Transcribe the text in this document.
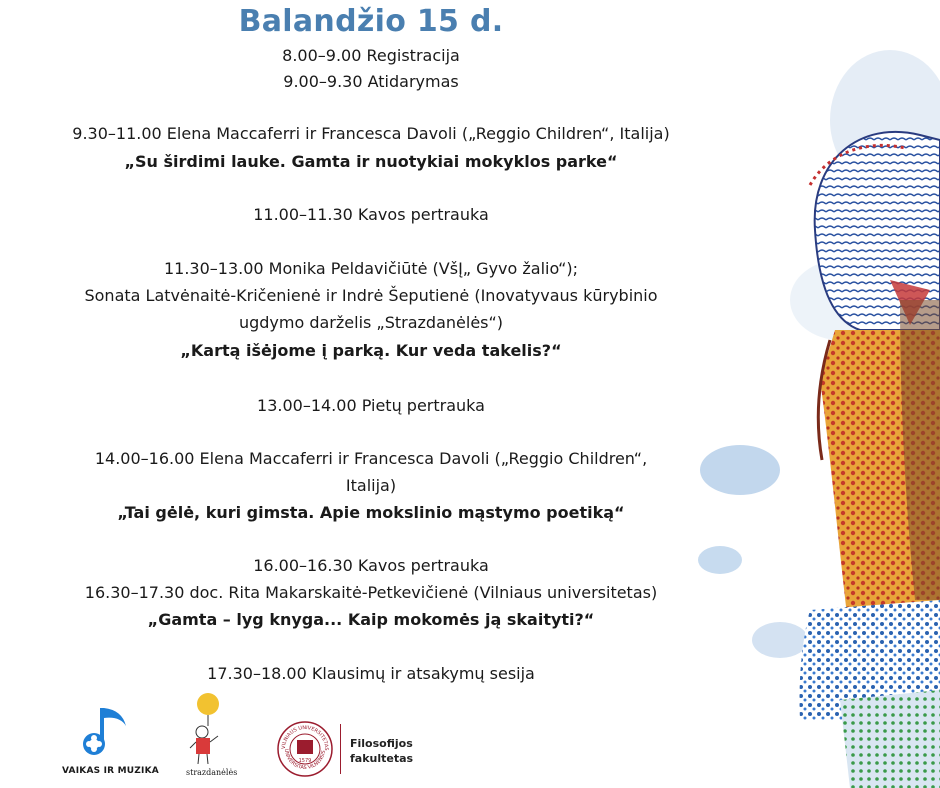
Balandžio 15 d.
8.00–9.00 Registracija
9.00–9.30 Atidarymas
9.30–11.00 Elena Maccaferri ir Francesca Davoli („Reggio Children“, Italija)
„Su širdimi lauke. Gamta ir nuotykiai mokyklos parke“
11.00–11.30 Kavos pertrauka
11.30–13.00 Monika Peldavičiūtė (VšĮ„ Gyvo žalio“);
Sonata Latvėnaitė-Kričenienė ir Indrė Šeputienė (Inovatyvaus kūrybinio
ugdymo darželis „Strazdanėlės“)
„Kartą išėjome į parką. Kur veda takelis?“
13.00–14.00 Pietų pertrauka
14.00–16.00 Elena Maccaferri ir Francesca Davoli („Reggio Children“,
Italija)
„Tai gėlė, kuri gimsta. Apie mokslinio mąstymo poetiką“
16.00–16.30 Kavos pertrauka
16.30–17.30 doc. Rita Makarskaitė-Petkevičienė (Vilniaus universitetas)
„Gamta – lyg knyga... Kaip mokomės ją skaityti?“
17.30–18.00 Klausimų ir atsakymų sesija
VAIKAS IR MUZIKA	strazdanėlės
VILNIAUS UNIVERSITETAS
UNIVERSITAS VILNENSIS
1579
Filosofijos
fakultetas
